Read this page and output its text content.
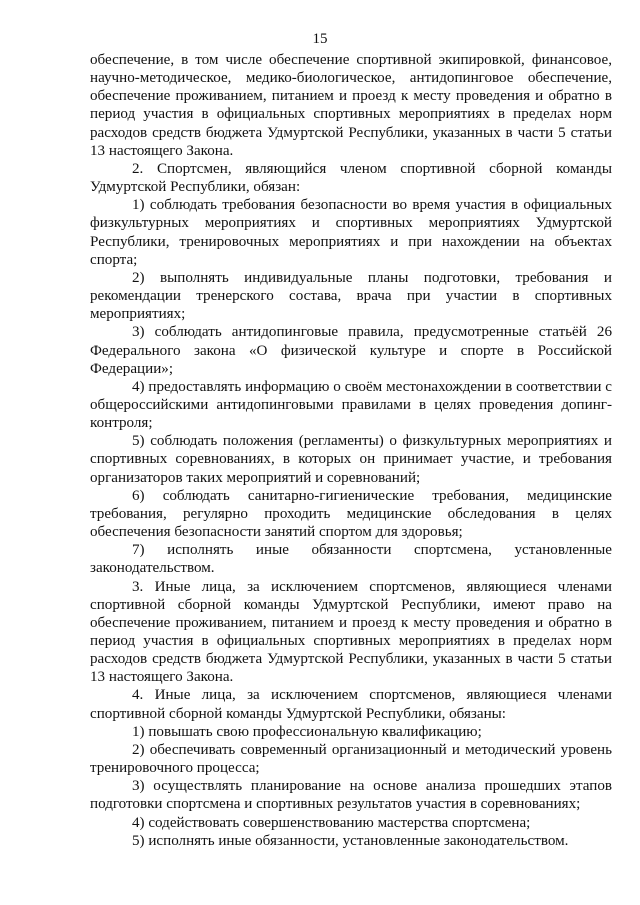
15

обеспечение, в том числе обеспечение спортивной экипировкой, финансовое, научно-методическое, медико-биологическое, антидопинговое обеспечение, обеспечение проживанием, питанием и проезд к месту проведения и обратно в период участия в официальных спортивных мероприятиях в пределах норм расходов средств бюджета Удмуртской Республики, указанных в части 5 статьи 13 настоящего Закона.

2. Спортсмен, являющийся членом спортивной сборной команды Удмуртской Республики, обязан:

1) соблюдать требования безопасности во время участия в официальных физкультурных мероприятиях и спортивных мероприятиях Удмуртской Республики, тренировочных мероприятиях и при нахождении на объектах спорта;

2) выполнять индивидуальные планы подготовки, требования и рекомендации тренерского состава, врача при участии в спортивных мероприятиях;

3) соблюдать антидопинговые правила, предусмотренные статьёй 26 Федерального закона «О физической культуре и спорте в Российской Федерации»;

4) предоставлять информацию о своём местонахождении в соответствии с общероссийскими антидопинговыми правилами в целях проведения допинг-контроля;

5) соблюдать положения (регламенты) о физкультурных мероприятиях и спортивных соревнованиях, в которых он принимает участие, и требования организаторов таких мероприятий и соревнований;

6) соблюдать санитарно-гигиенические требования, медицинские требования, регулярно проходить медицинские обследования в целях обеспечения безопасности занятий спортом для здоровья;

7) исполнять иные обязанности спортсмена, установленные законодательством.

3. Иные лица, за исключением спортсменов, являющиеся членами спортивной сборной команды Удмуртской Республики, имеют право на обеспечение проживанием, питанием и проезд к месту проведения и обратно в период участия в официальных спортивных мероприятиях в пределах норм расходов средств бюджета Удмуртской Республики, указанных в части 5 статьи 13 настоящего Закона.

4. Иные лица, за исключением спортсменов, являющиеся членами спортивной сборной команды Удмуртской Республики, обязаны:

1) повышать свою профессиональную квалификацию;

2) обеспечивать современный организационный и методический уровень тренировочного процесса;

3) осуществлять планирование на основе анализа прошедших этапов подготовки спортсмена и спортивных результатов участия в соревнованиях;

4) содействовать совершенствованию мастерства спортсмена;

5) исполнять иные обязанности, установленные законодательством.
